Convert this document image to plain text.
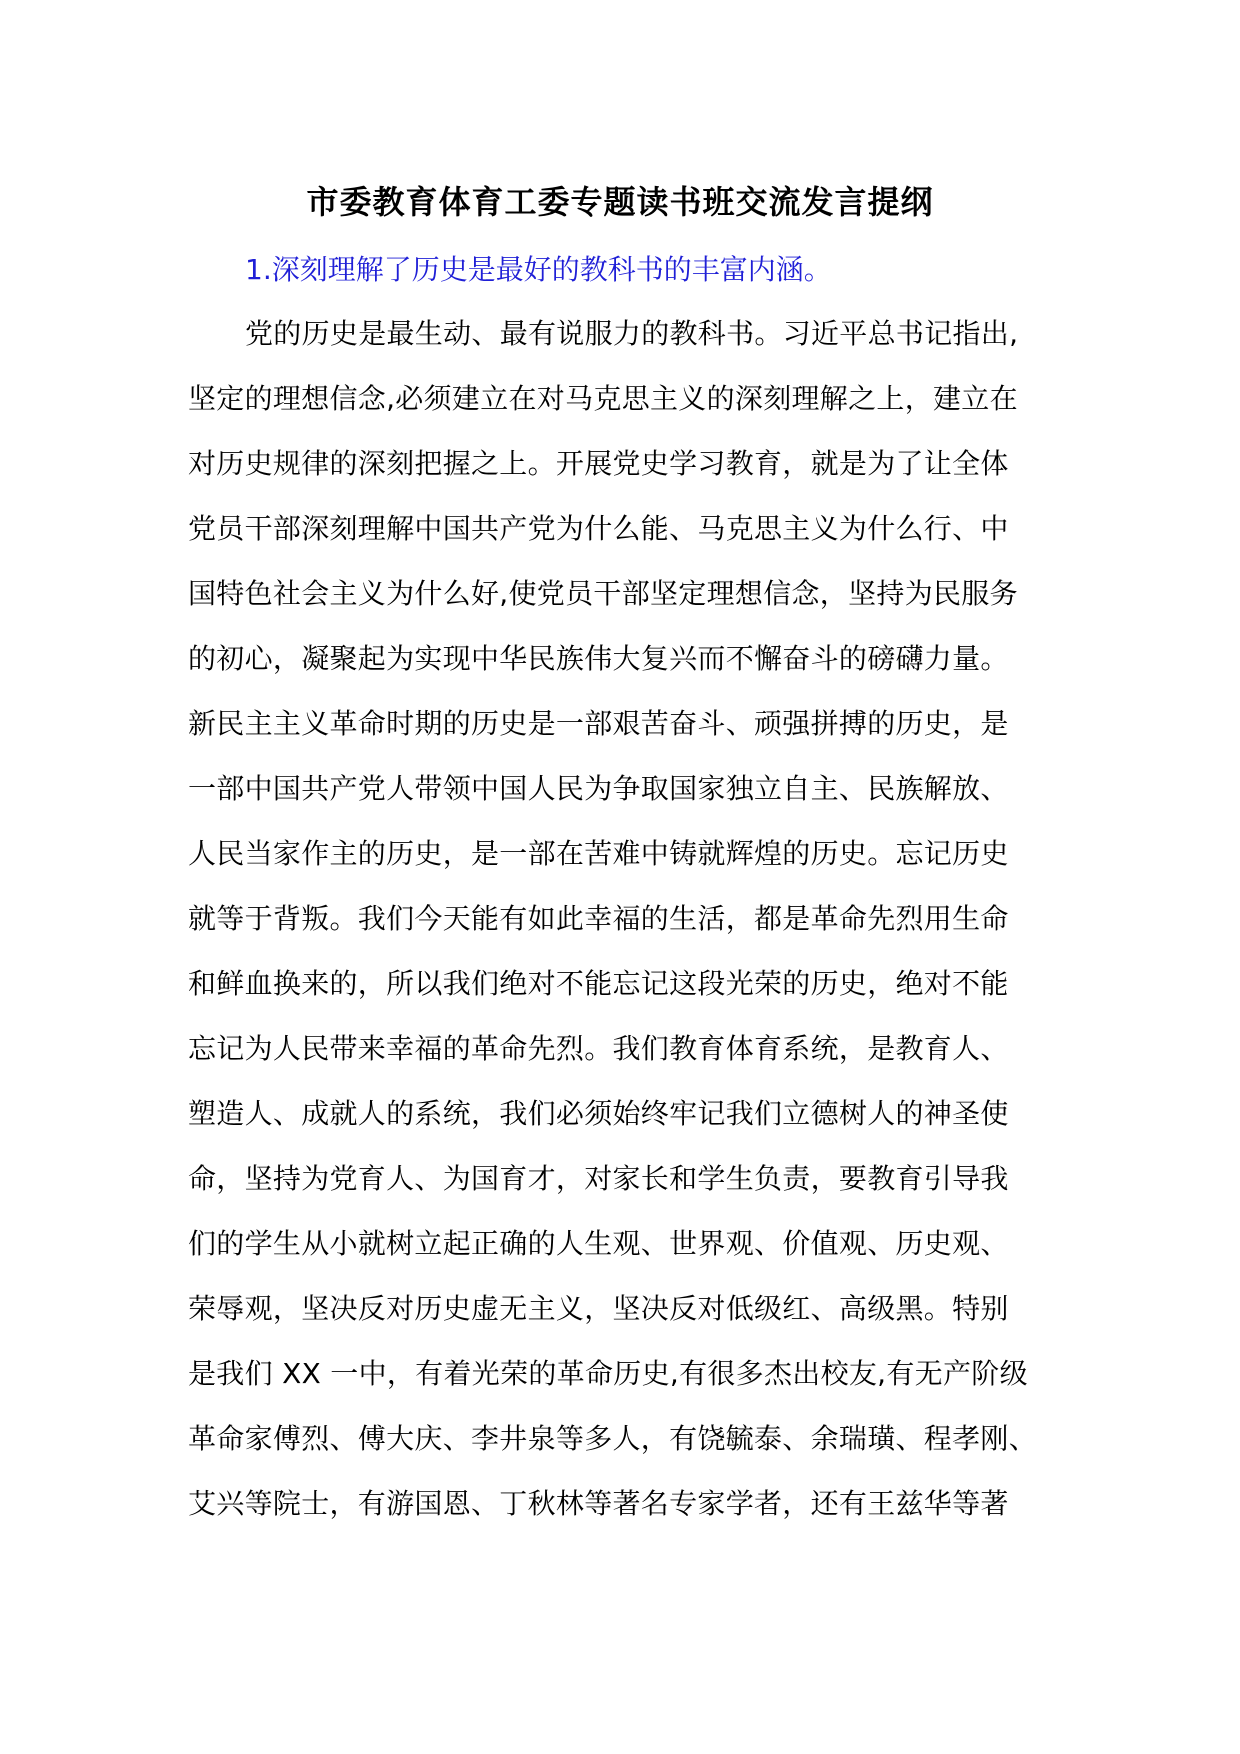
市委教育体育工委专题读书班交流发言提纲
1.深刻理解了历史是最好的教科书的丰富内涵。
党的历史是最生动、最有说服力的教科书。习近平总书记指出,
坚定的理想信念,必须建立在对马克思主义的深刻理解之上，建立在
对历史规律的深刻把握之上。开展党史学习教育，就是为了让全体
党员干部深刻理解中国共产党为什么能、马克思主义为什么行、中
国特色社会主义为什么好,使党员干部坚定理想信念，坚持为民服务
的初心，凝聚起为实现中华民族伟大复兴而不懈奋斗的磅礴力量。
新民主主义革命时期的历史是一部艰苦奋斗、顽强拼搏的历史，是
一部中国共产党人带领中国人民为争取国家独立自主、民族解放、
人民当家作主的历史，是一部在苦难中铸就辉煌的历史。忘记历史
就等于背叛。我们今天能有如此幸福的生活，都是革命先烈用生命
和鲜血换来的，所以我们绝对不能忘记这段光荣的历史，绝对不能
忘记为人民带来幸福的革命先烈。我们教育体育系统，是教育人、
塑造人、成就人的系统，我们必须始终牢记我们立德树人的神圣使
命，坚持为党育人、为国育才，对家长和学生负责，要教育引导我
们的学生从小就树立起正确的人生观、世界观、价值观、历史观、
荣辱观，坚决反对历史虚无主义，坚决反对低级红、高级黑。特别
是我们 XX 一中，有着光荣的革命历史,有很多杰出校友,有无产阶级
革命家傅烈、傅大庆、李井泉等多人，有饶毓泰、余瑞璜、程孝刚、
艾兴等院士，有游国恩、丁秋林等著名专家学者，还有王兹华等著
